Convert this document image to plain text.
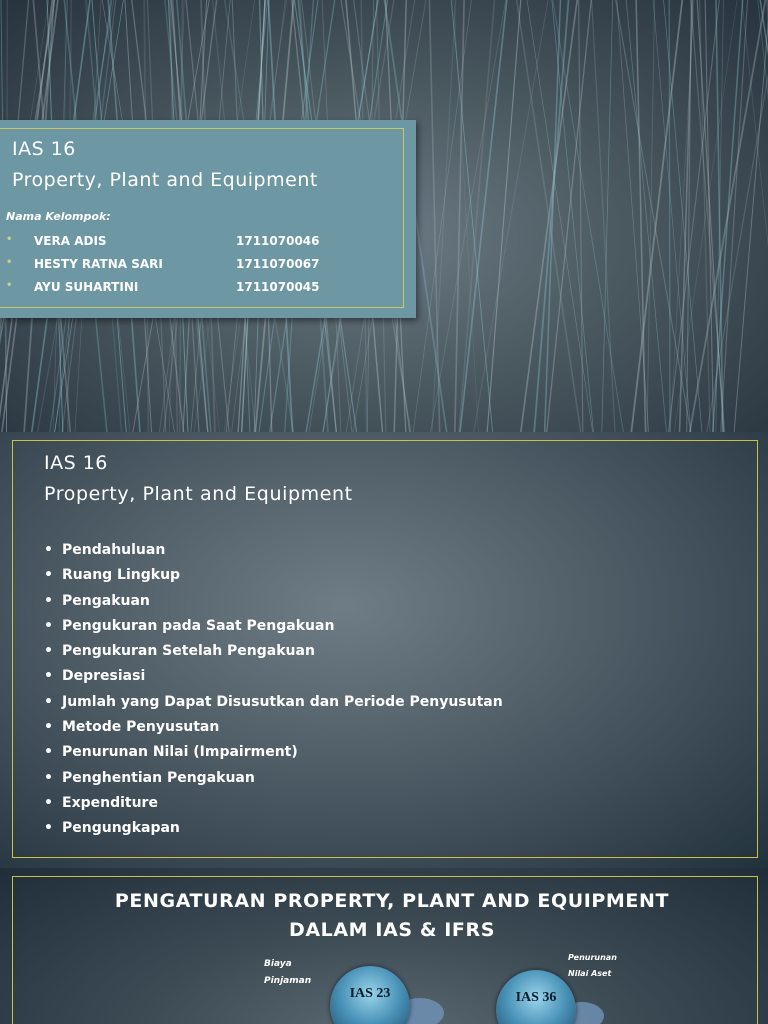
IAS 16
Property, Plant and Equipment
Nama Kelompok:
• VERA ADIS	1711070046
• HESTY RATNA SARI	1711070067
• AYU SUHARTINI	1711070045
IAS 16
Property, Plant and Equipment
• Pendahuluan
• Ruang Lingkup
• Pengakuan
• Pengukuran pada Saat Pengakuan
• Pengukuran Setelah Pengakuan
• Depresiasi
• Jumlah yang Dapat Disusutkan dan Periode Penyusutan
• Metode Penyusutan
• Penurunan Nilai (Impairment)
• Penghentian Pengakuan
• Expenditure
• Pengungkapan
PENGATURAN PROPERTY, PLANT AND EQUIPMENT
DALAM IAS & IFRS
Biaya
Pinjaman
Penurunan
Nilai Aset
IAS 23	IAS 36
